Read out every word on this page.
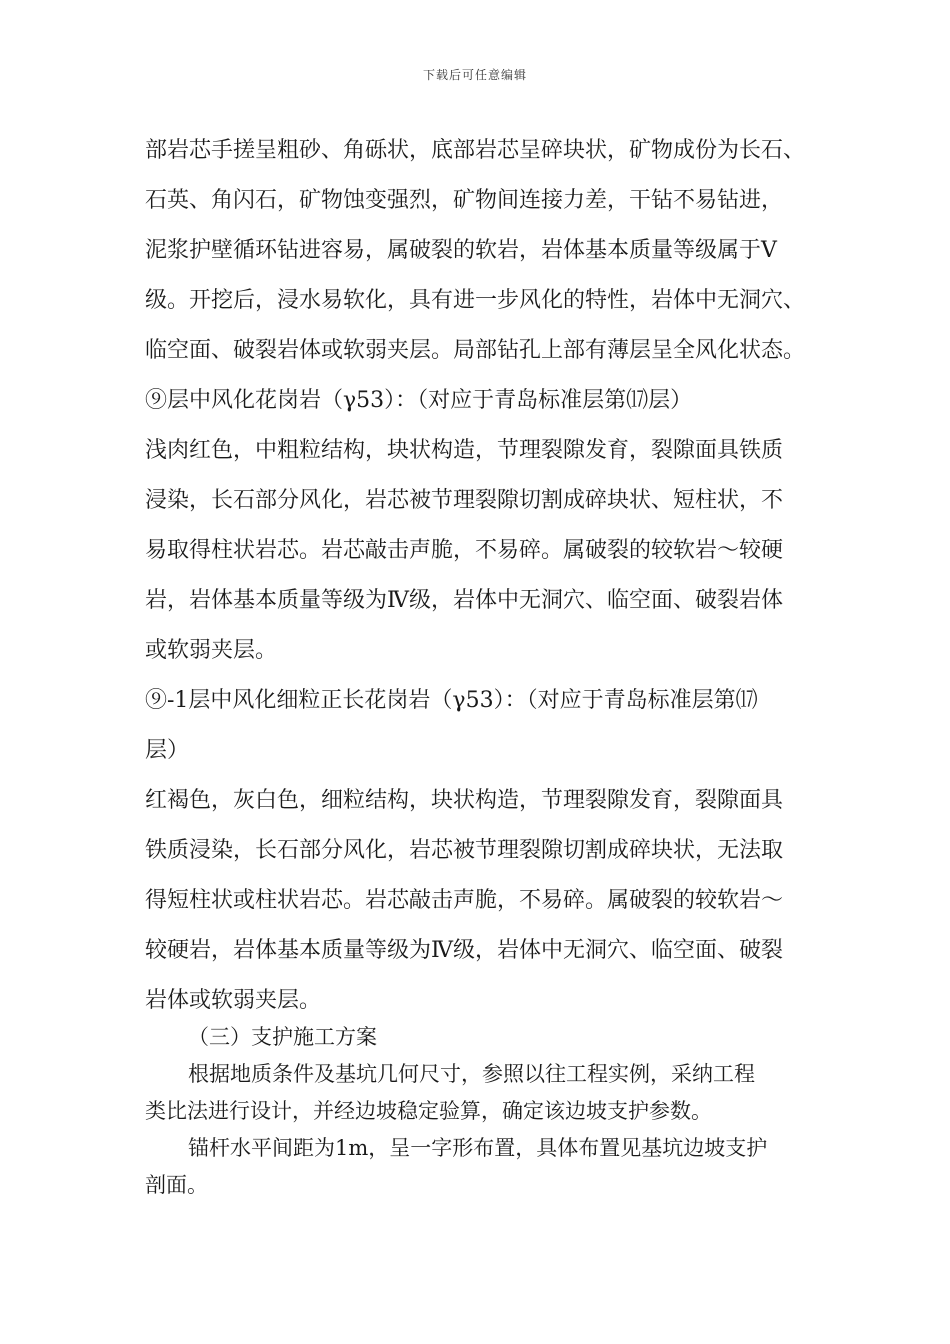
下载后可任意编辑
部岩芯手搓呈粗砂、角砾状，底部岩芯呈碎块状，矿物成份为长石、
石英、角闪石，矿物蚀变强烈，矿物间连接力差，干钻不易钻进，
泥浆护壁循环钻进容易，属破裂的软岩，岩体基本质量等级属于Ⅴ
级。开挖后，浸水易软化，具有进一步风化的特性，岩体中无洞穴、
临空面、破裂岩体或软弱夹层。局部钻孔上部有薄层呈全风化状态。
⑨层中风化花岗岩（γ53）：（对应于青岛标准层第⒄层）
浅肉红色，中粗粒结构，块状构造，节理裂隙发育，裂隙面具铁质
浸染，长石部分风化，岩芯被节理裂隙切割成碎块状、短柱状，不
易取得柱状岩芯。岩芯敲击声脆，不易碎。属破裂的较软岩～较硬
岩，岩体基本质量等级为Ⅳ级，岩体中无洞穴、临空面、破裂岩体
或软弱夹层。
⑨-1层中风化细粒正长花岗岩（γ53）：（对应于青岛标准层第⒄
层）
红褐色，灰白色，细粒结构，块状构造，节理裂隙发育，裂隙面具
铁质浸染，长石部分风化，岩芯被节理裂隙切割成碎块状，无法取
得短柱状或柱状岩芯。岩芯敲击声脆，不易碎。属破裂的较软岩～
较硬岩，岩体基本质量等级为Ⅳ级，岩体中无洞穴、临空面、破裂
岩体或软弱夹层。
（三）支护施工方案
根据地质条件及基坑几何尺寸，参照以往工程实例，采纳工程
类比法进行设计，并经边坡稳定验算，确定该边坡支护参数。
锚杆水平间距为1m，呈一字形布置，具体布置见基坑边坡支护
剖面。
